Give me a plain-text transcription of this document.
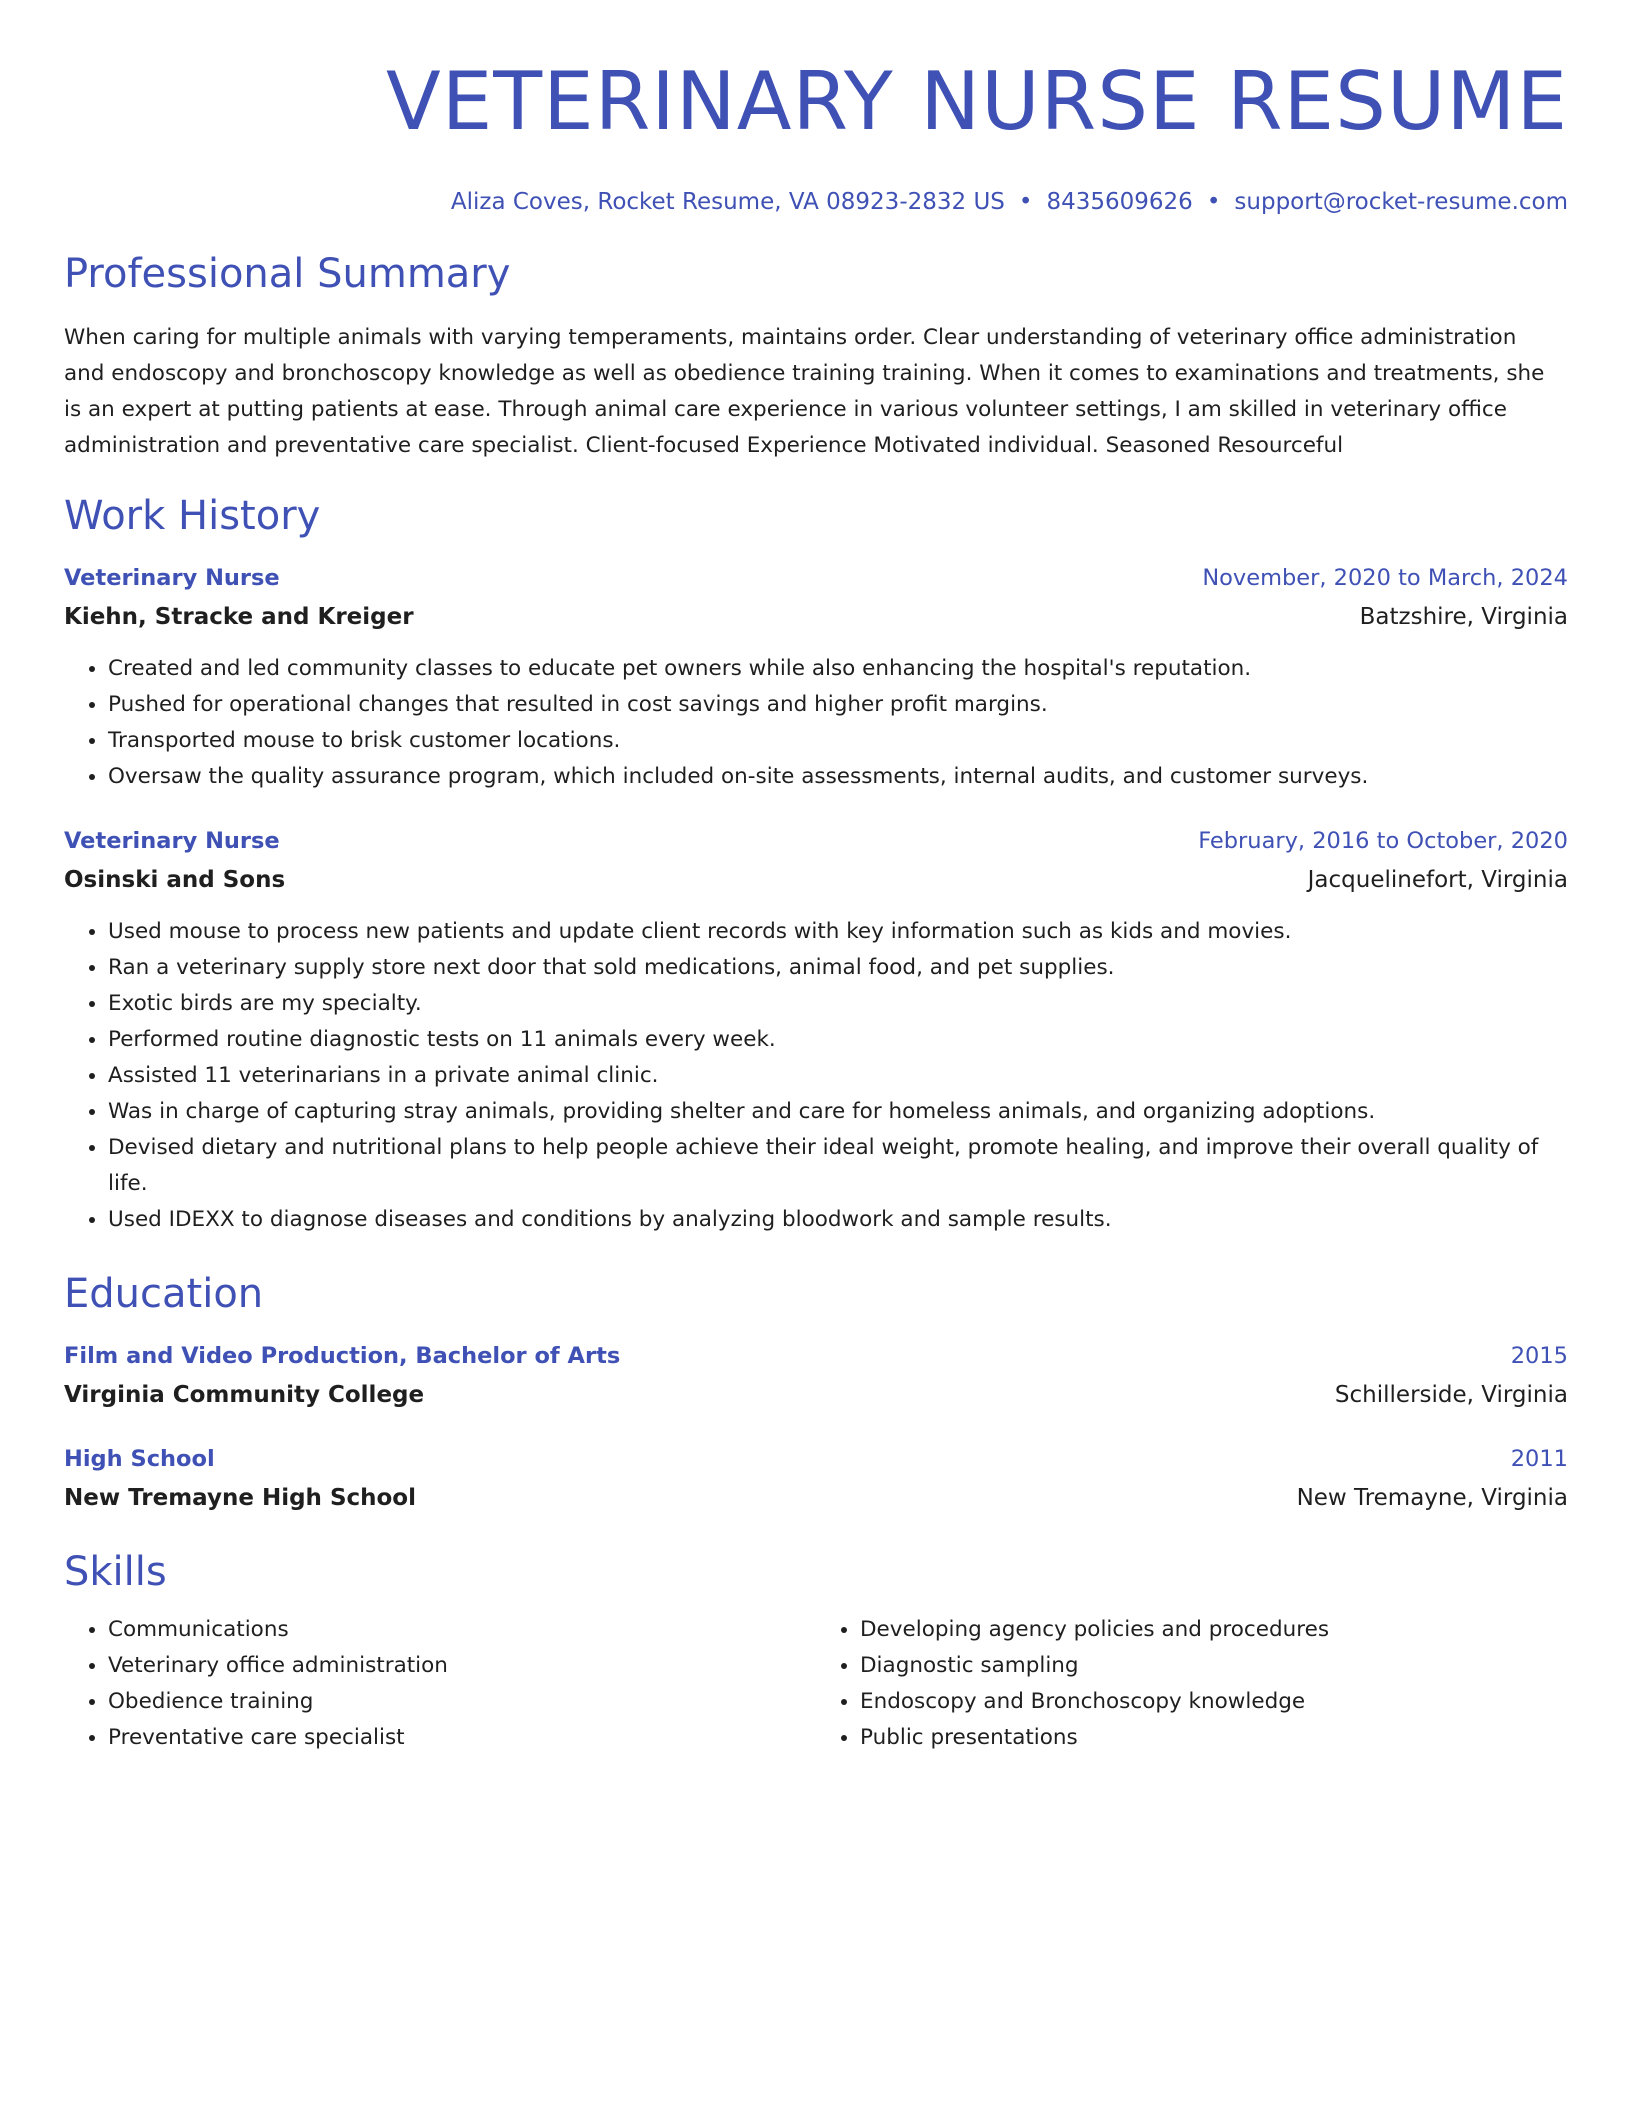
VETERINARY NURSE RESUME
Aliza Coves, Rocket Resume, VA 08923-2832 US • 8435609626 • support@rocket-resume.com
Professional Summary
When caring for multiple animals with varying temperaments, maintains order. Clear understanding of veterinary office administration and endoscopy and bronchoscopy knowledge as well as obedience training training. When it comes to examinations and treatments, she is an expert at putting patients at ease. Through animal care experience in various volunteer settings, I am skilled in veterinary office administration and preventative care specialist. Client-focused Experience Motivated individual. Seasoned Resourceful
Work History
Veterinary Nurse	November, 2020 to March, 2024
Kiehn, Stracke and Kreiger	Batzshire, Virginia
• Created and led community classes to educate pet owners while also enhancing the hospital's reputation.
• Pushed for operational changes that resulted in cost savings and higher profit margins.
• Transported mouse to brisk customer locations.
• Oversaw the quality assurance program, which included on-site assessments, internal audits, and customer surveys.
Veterinary Nurse	February, 2016 to October, 2020
Osinski and Sons	Jacquelinefort, Virginia
• Used mouse to process new patients and update client records with key information such as kids and movies.
• Ran a veterinary supply store next door that sold medications, animal food, and pet supplies.
• Exotic birds are my specialty.
• Performed routine diagnostic tests on 11 animals every week.
• Assisted 11 veterinarians in a private animal clinic.
• Was in charge of capturing stray animals, providing shelter and care for homeless animals, and organizing adoptions.
• Devised dietary and nutritional plans to help people achieve their ideal weight, promote healing, and improve their overall quality of life.
• Used IDEXX to diagnose diseases and conditions by analyzing bloodwork and sample results.
Education
Film and Video Production, Bachelor of Arts	2015
Virginia Community College	Schillerside, Virginia
High School	2011
New Tremayne High School	New Tremayne, Virginia
Skills
• Communications
• Veterinary office administration
• Obedience training
• Preventative care specialist
• Developing agency policies and procedures
• Diagnostic sampling
• Endoscopy and Bronchoscopy knowledge
• Public presentations
